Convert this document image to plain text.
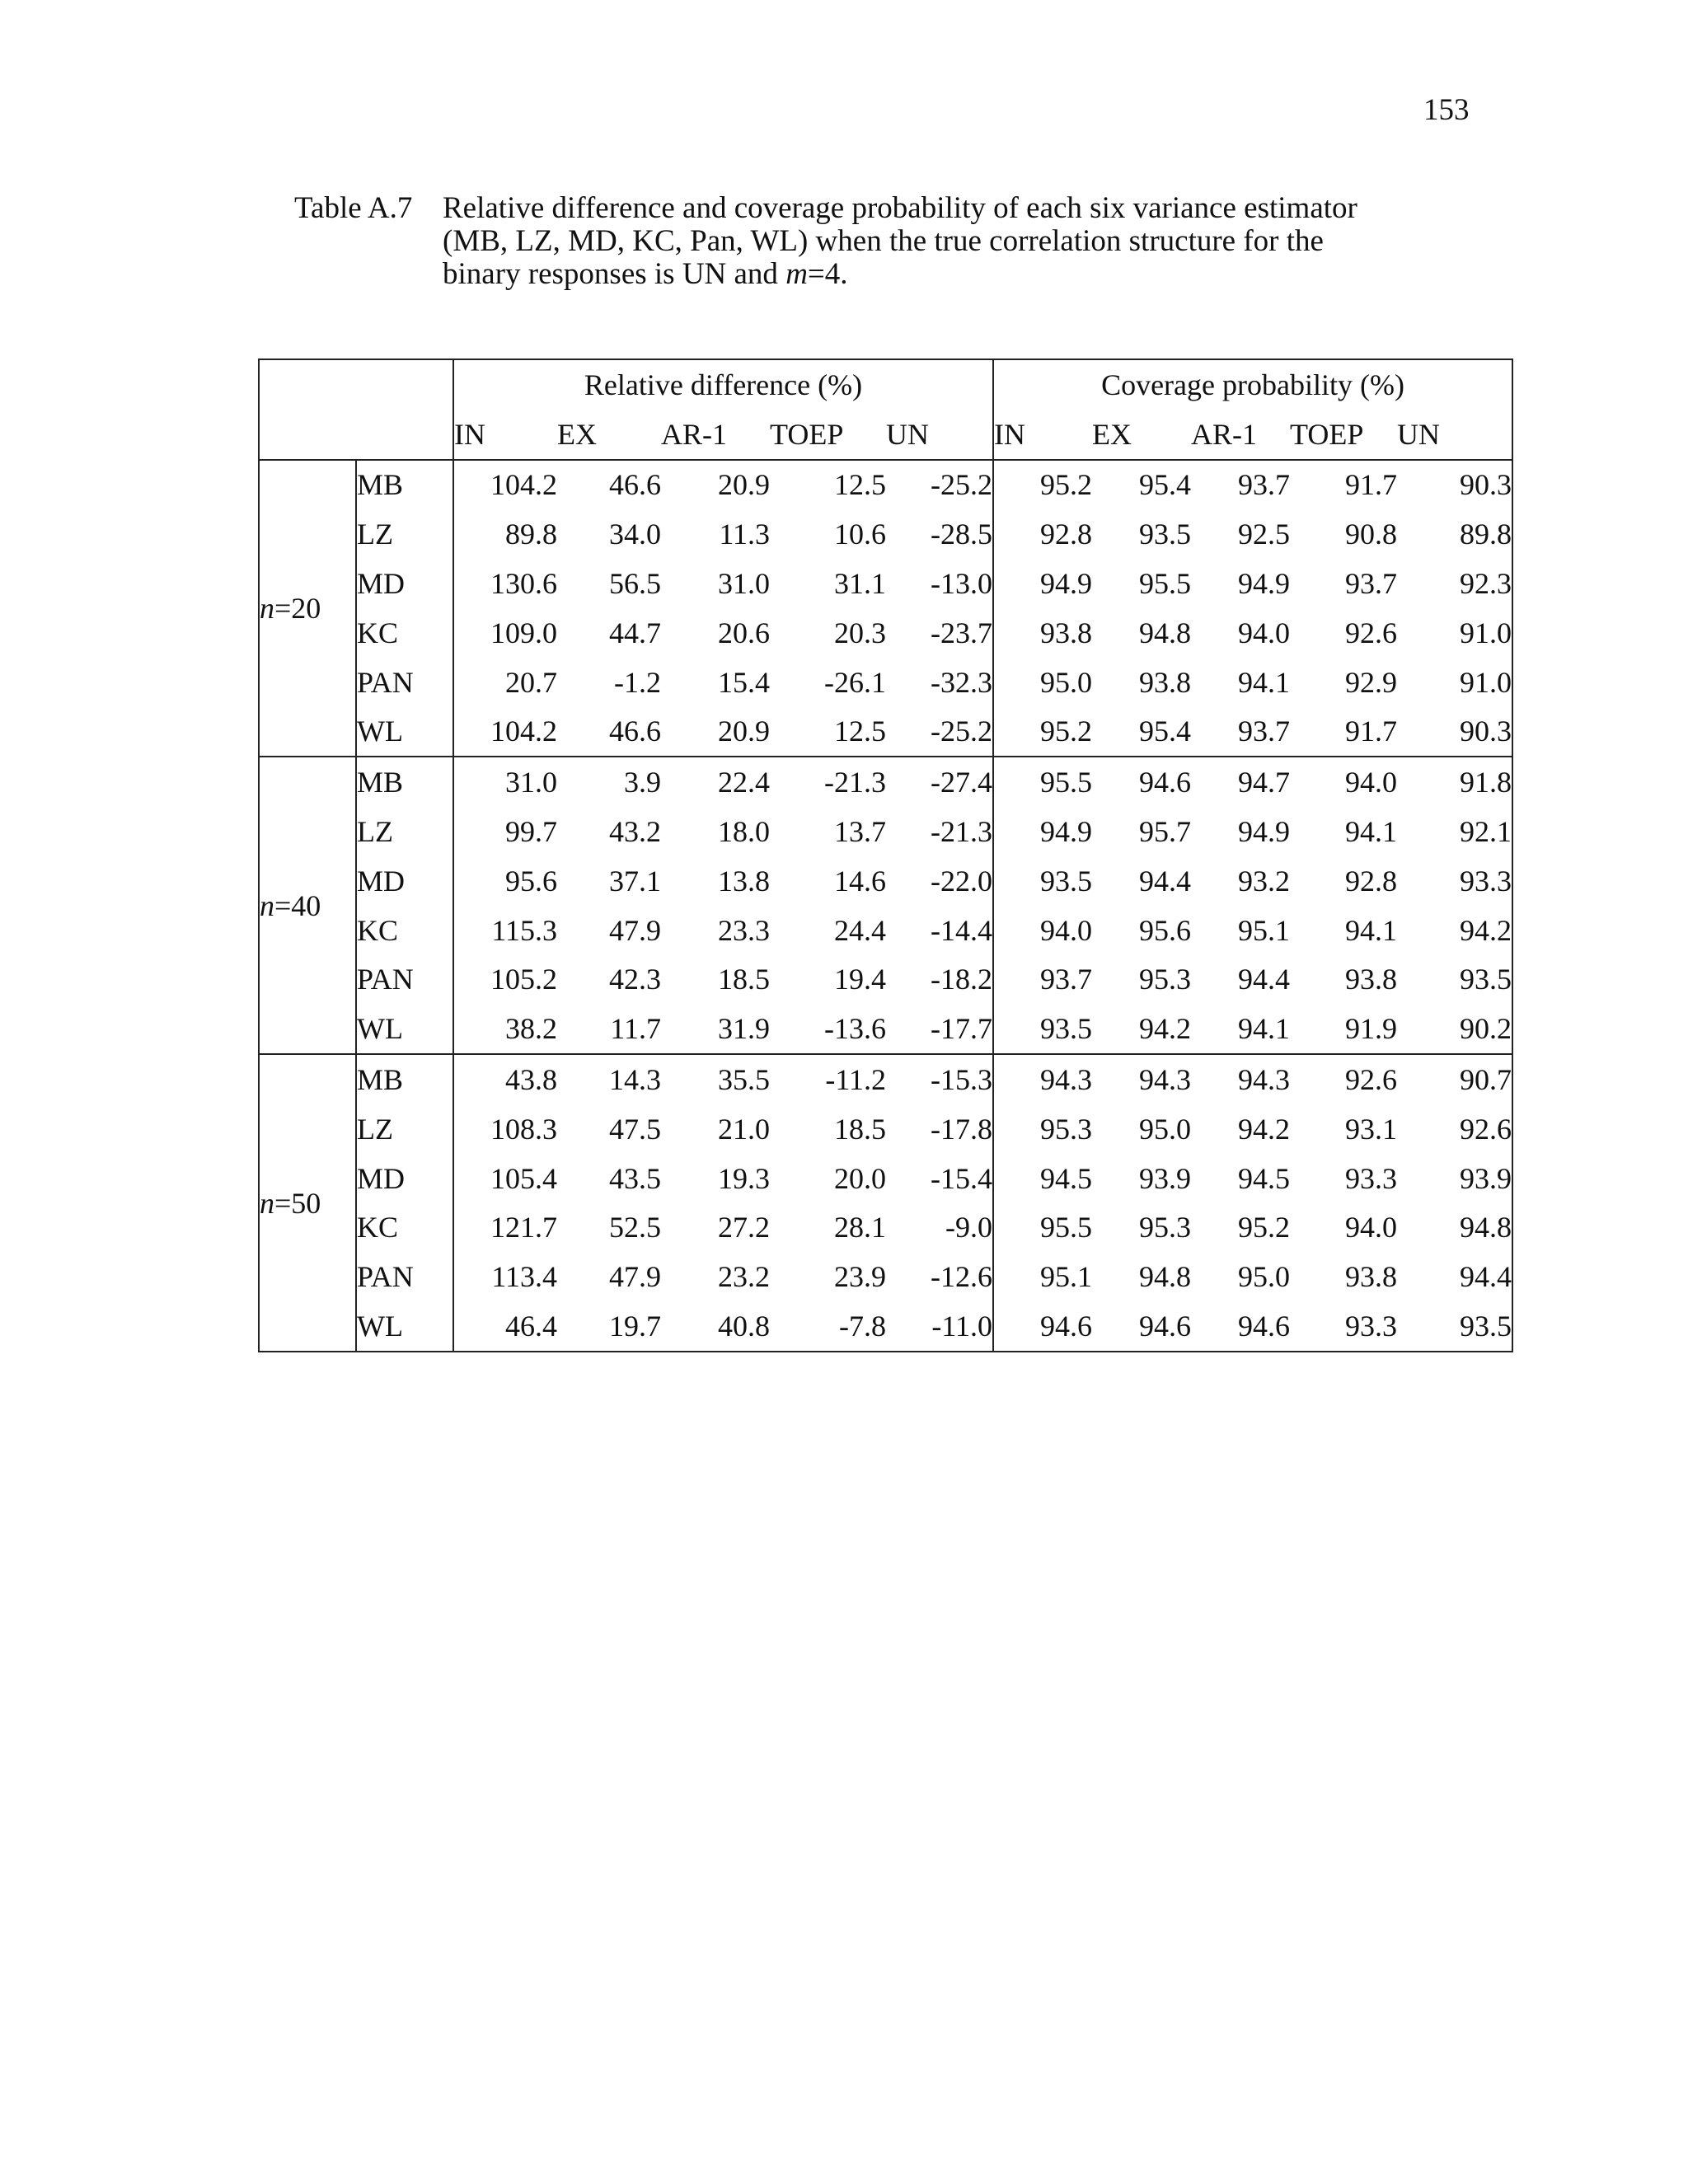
153
Table A.7 Relative difference and coverage probability of each six variance estimator
(MB, LZ, MD, KC, Pan, WL) when the true correlation structure for the
binary responses is UN and m=4.
		Relative difference (%)					Coverage probability (%)				
		IN	EX	AR-1	TOEP	UN	IN	EX	AR-1	TOEP	UN
n=20	MB	104.2	46.6	20.9	12.5	-25.2	95.2	95.4	93.7	91.7	90.3
	LZ	89.8	34.0	11.3	10.6	-28.5	92.8	93.5	92.5	90.8	89.8
	MD	130.6	56.5	31.0	31.1	-13.0	94.9	95.5	94.9	93.7	92.3
	KC	109.0	44.7	20.6	20.3	-23.7	93.8	94.8	94.0	92.6	91.0
	PAN	20.7	-1.2	15.4	-26.1	-32.3	95.0	93.8	94.1	92.9	91.0
	WL	104.2	46.6	20.9	12.5	-25.2	95.2	95.4	93.7	91.7	90.3
n=40	MB	31.0	3.9	22.4	-21.3	-27.4	95.5	94.6	94.7	94.0	91.8
	LZ	99.7	43.2	18.0	13.7	-21.3	94.9	95.7	94.9	94.1	92.1
	MD	95.6	37.1	13.8	14.6	-22.0	93.5	94.4	93.2	92.8	93.3
	KC	115.3	47.9	23.3	24.4	-14.4	94.0	95.6	95.1	94.1	94.2
	PAN	105.2	42.3	18.5	19.4	-18.2	93.7	95.3	94.4	93.8	93.5
	WL	38.2	11.7	31.9	-13.6	-17.7	93.5	94.2	94.1	91.9	90.2
n=50	MB	43.8	14.3	35.5	-11.2	-15.3	94.3	94.3	94.3	92.6	90.7
	LZ	108.3	47.5	21.0	18.5	-17.8	95.3	95.0	94.2	93.1	92.6
	MD	105.4	43.5	19.3	20.0	-15.4	94.5	93.9	94.5	93.3	93.9
	KC	121.7	52.5	27.2	28.1	-9.0	95.5	95.3	95.2	94.0	94.8
	PAN	113.4	47.9	23.2	23.9	-12.6	95.1	94.8	95.0	93.8	94.4
	WL	46.4	19.7	40.8	-7.8	-11.0	94.6	94.6	94.6	93.3	93.5
